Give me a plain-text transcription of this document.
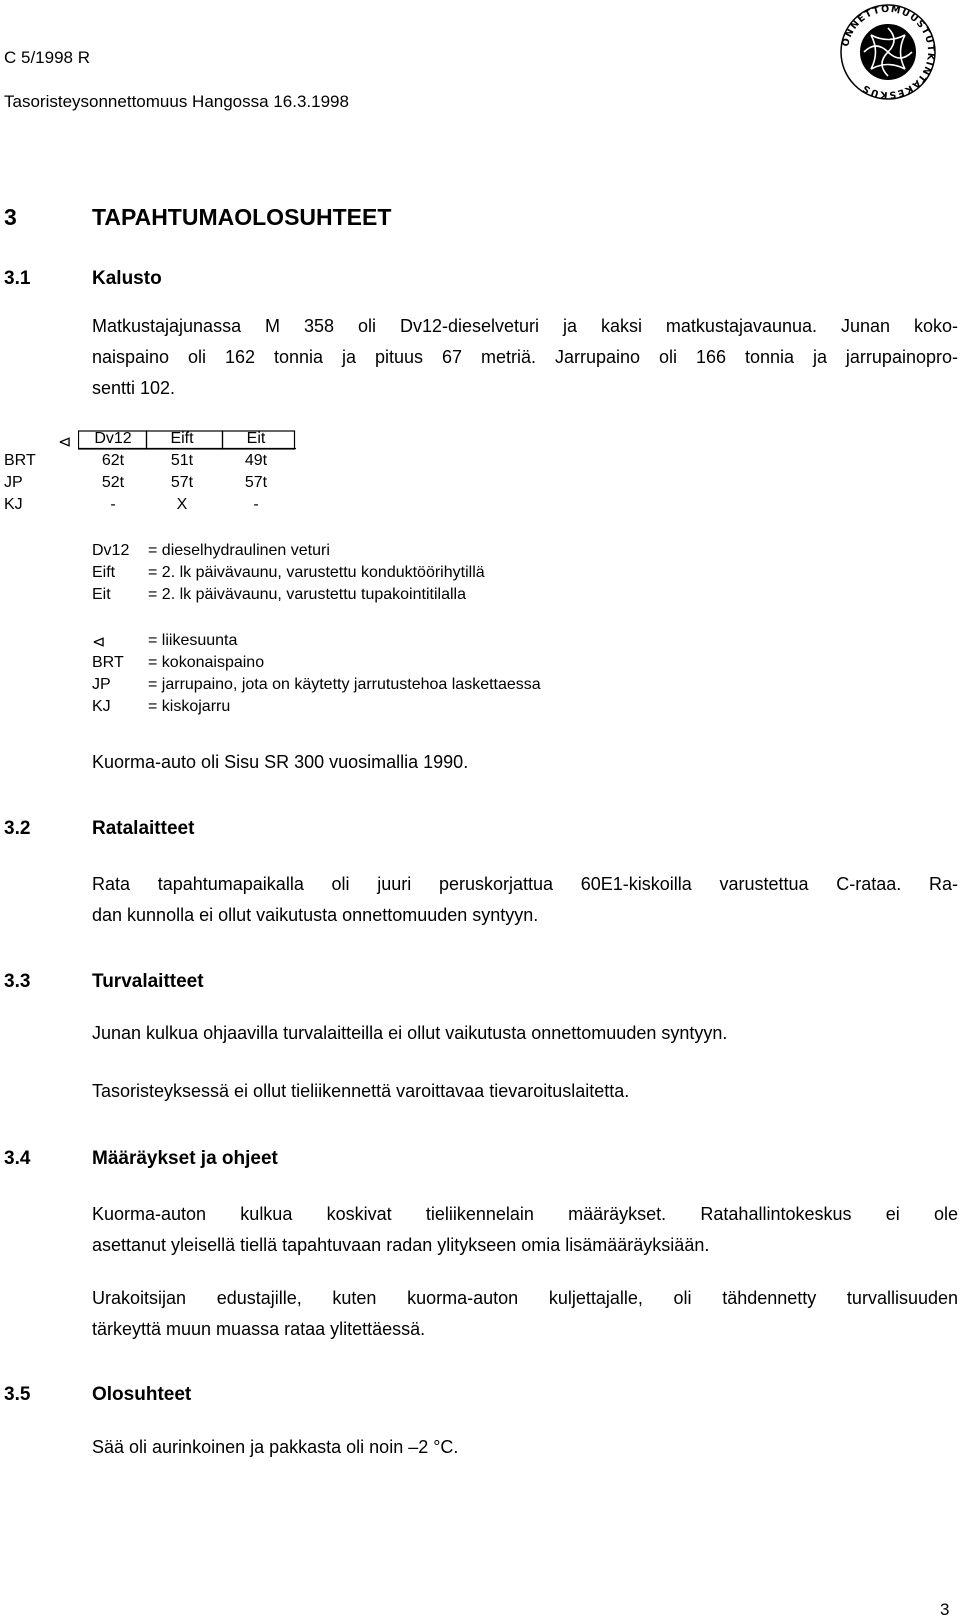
C 5/1998 R
Tasoristeysonnettomuus Hangossa 16.3.1998
ONNETTOMUUSTUTKINTAKESKUS
3	TAPAHTUMAOLOSUHTEET
3.1	Kalusto
Matkustajajunassa M 358 oli Dv12-dieselveturi ja kaksi matkustajavaunua. Junan koko-
naispaino oli 162 tonnia ja pituus 67 metriä. Jarrupaino oli 166 tonnia ja jarrupainopro-
sentti 102.
⊲	Dv12	Eift	Eit
BRT	62t	51t	49t
JP	52t	57t	57t
KJ	-	X	-
Dv12 = dieselhydraulinen veturi
Eift = 2. lk päivävaunu, varustettu konduktöörihytillä
Eit = 2. lk päivävaunu, varustettu tupakointitilalla
⊲	= liikesuunta
BRT = kokonaispaino
JP = jarrupaino, jota on käytetty jarrutustehoa laskettaessa
KJ = kiskojarru
Kuorma-auto oli Sisu SR 300 vuosimallia 1990.
3.2	Ratalaitteet
Rata tapahtumapaikalla oli juuri peruskorjattua 60E1-kiskoilla varustettua C-rataa. Ra-
dan kunnolla ei ollut vaikutusta onnettomuuden syntyyn.
3.3	Turvalaitteet
Junan kulkua ohjaavilla turvalaitteilla ei ollut vaikutusta onnettomuuden syntyyn.
Tasoristeyksessä ei ollut tieliikennettä varoittavaa tievaroituslaitetta.
3.4	Määräykset ja ohjeet
Kuorma-auton kulkua koskivat tieliikennelain määräykset. Ratahallintokeskus ei ole
asettanut yleisellä tiellä tapahtuvaan radan ylitykseen omia lisämääräyksiään.
Urakoitsijan edustajille, kuten kuorma-auton kuljettajalle, oli tähdennetty turvallisuuden
tärkeyttä muun muassa rataa ylitettäessä.
3.5	Olosuhteet
Sää oli aurinkoinen ja pakkasta oli noin –2 °C.
3
